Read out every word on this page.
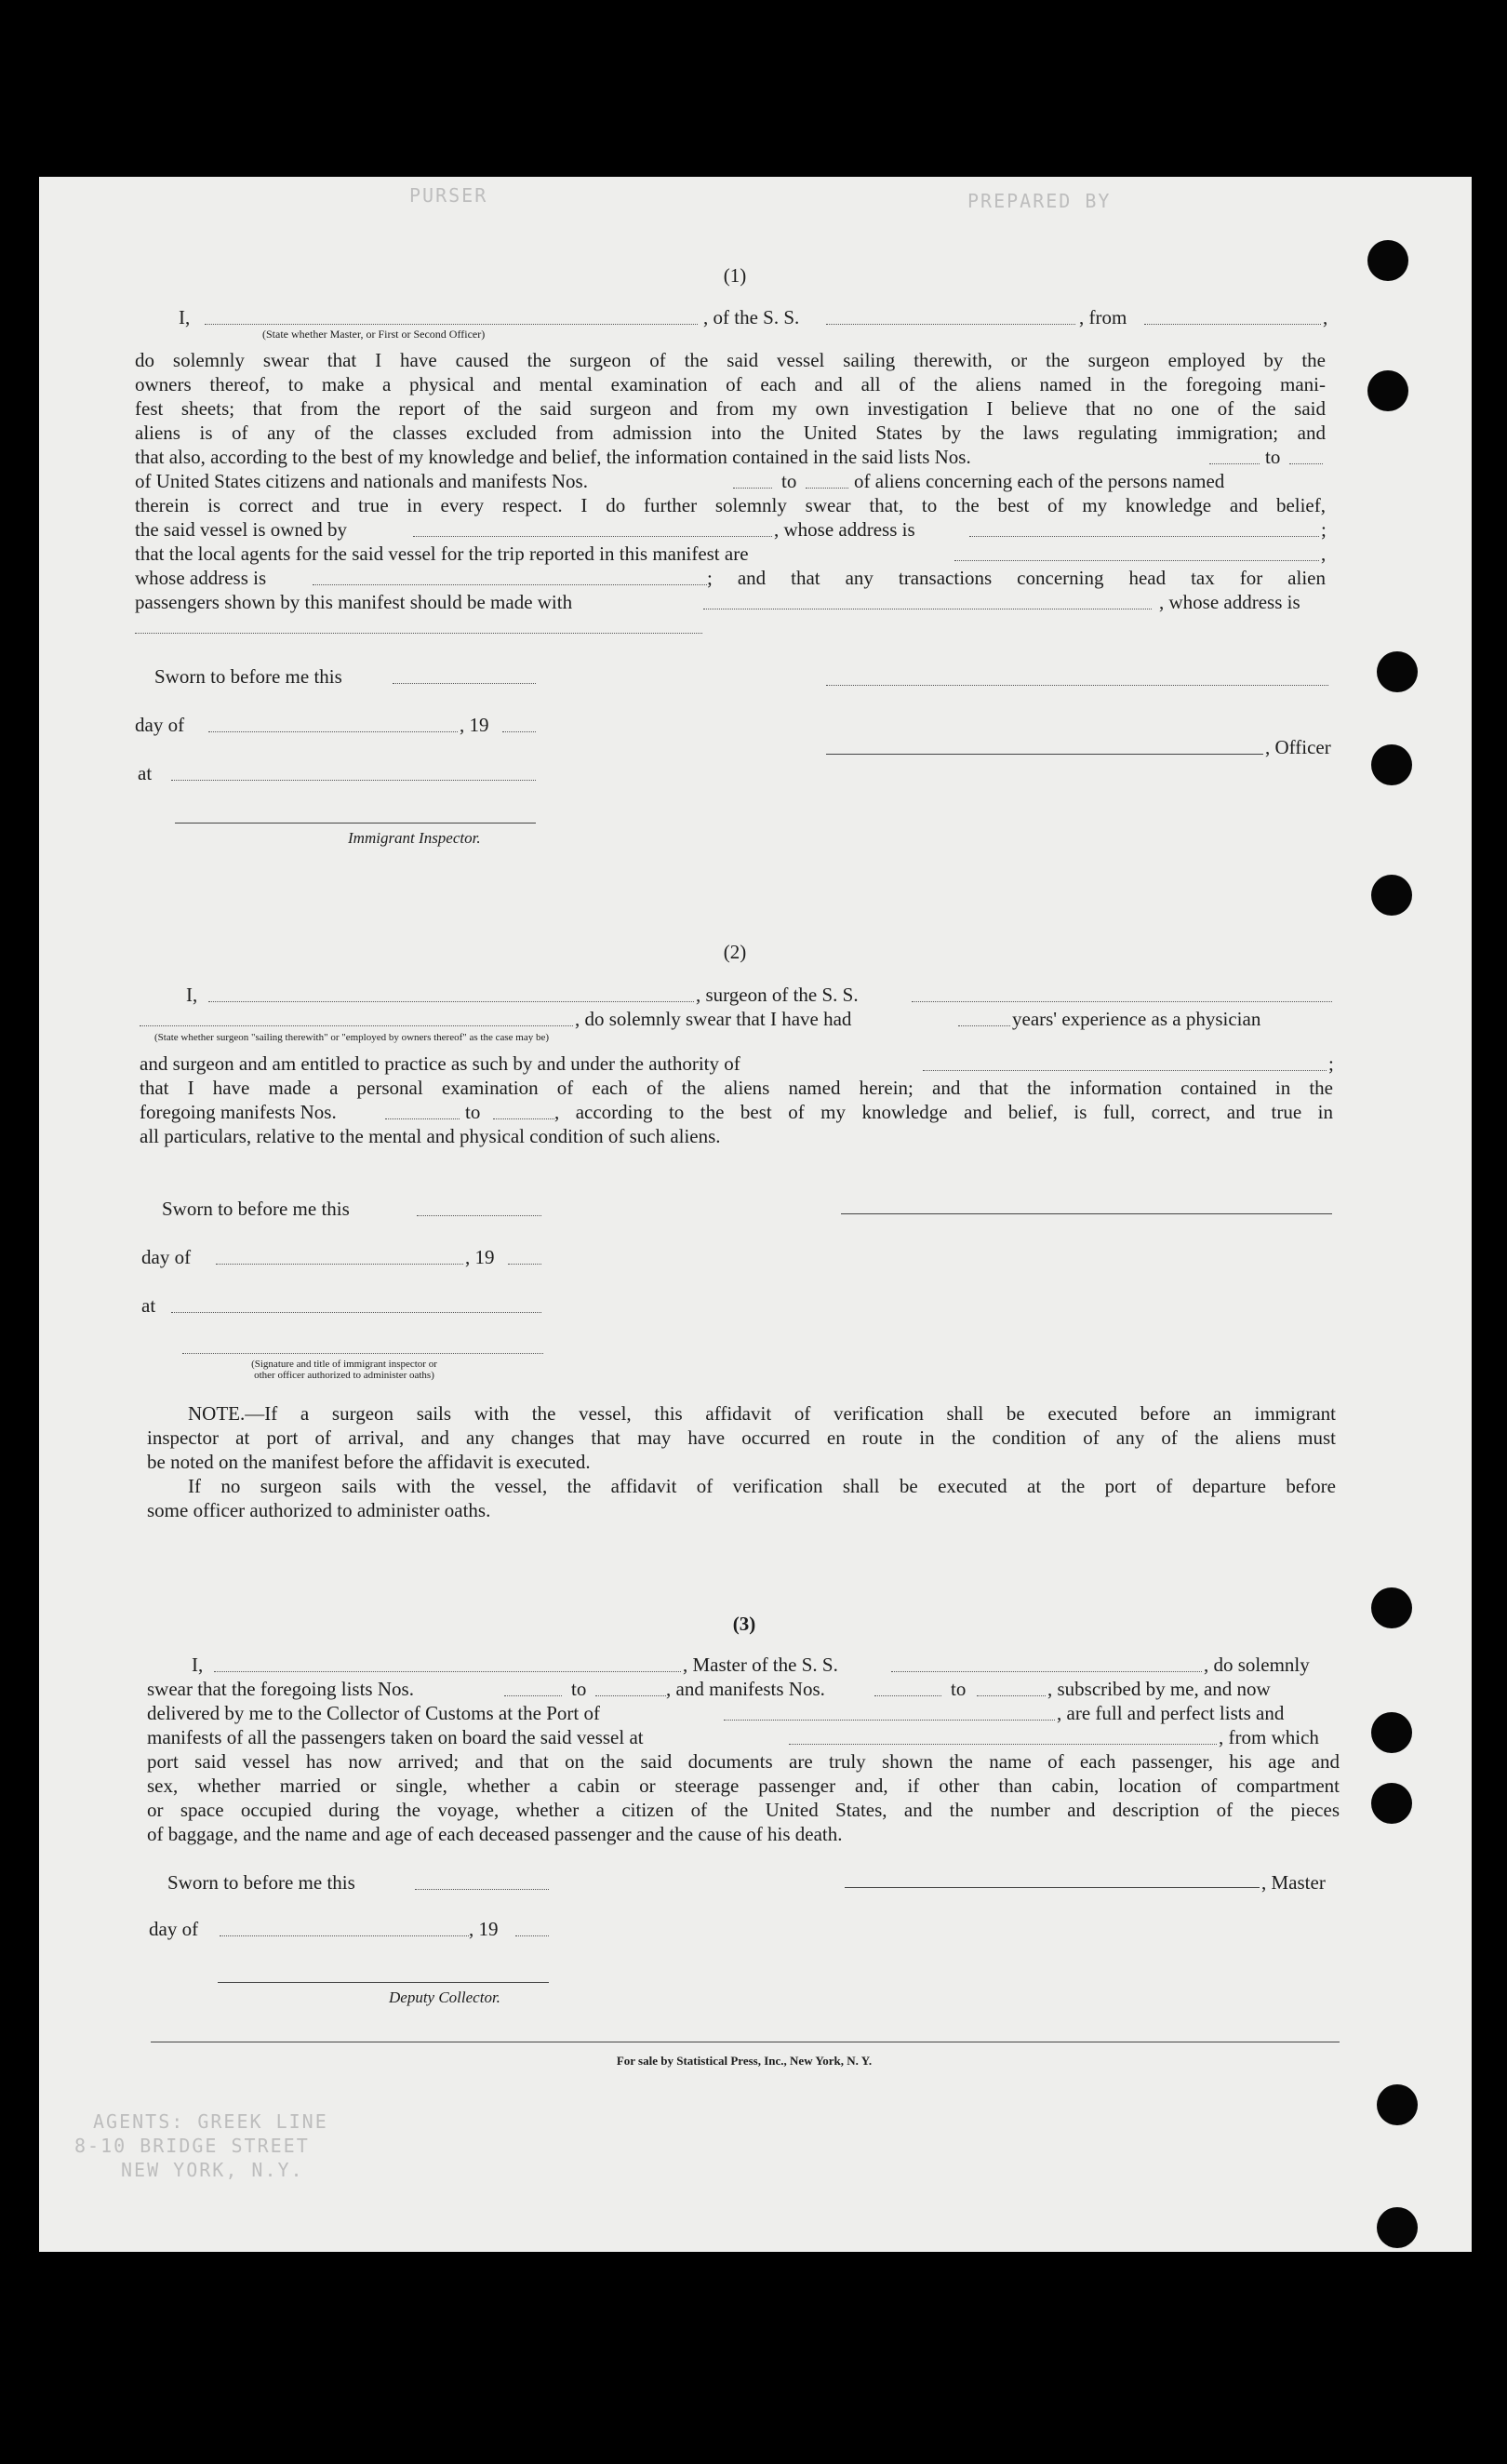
PURSER	PREPARED BY
AGENTS: GREEK LINE
8-10 BRIDGE STREET
NEW YORK, N.Y.
(1)
I,	, of the S. S.	, from	,
(State whether Master, or First or Second Officer)
do solemnly swear that I have caused the surgeon of the said vessel sailing therewith, or the surgeon employed by the
owners thereof, to make a physical and mental examination of each and all of the aliens named in the foregoing mani-
fest sheets; that from the report of the said surgeon and from my own investigation I believe that no one of the said
aliens is of any of the classes excluded from admission into the United States by the laws regulating immigration; and
that also, according to the best of my knowledge and belief, the information contained in the said lists Nos.	to
of United States citizens and nationals and manifests Nos.	to	of aliens concerning each of the persons named
therein is correct and true in every respect. I do further solemnly swear that, to the best of my knowledge and belief,
the said vessel is owned by	, whose address is	;
that the local agents for the said vessel for the trip reported in this manifest are	,
whose address is	; and that any transactions concerning head tax for alien
passengers shown by this manifest should be made with	, whose address is
Sworn to before me this
day of	, 19
, Officer
at
Immigrant Inspector.
(2)
I,	, surgeon of the S. S.
, do solemnly swear that I have had	years' experience as a physician
(State whether surgeon "sailing therewith" or "employed by owners thereof" as the case may be)
and surgeon and am entitled to practice as such by and under the authority of	;
that I have made a personal examination of each of the aliens named herein; and that the information contained in the
foregoing manifests Nos.	to	, according to the best of my knowledge and belief, is full, correct, and true in
all particulars, relative to the mental and physical condition of such aliens.
Sworn to before me this
day of	, 19
at
(Signature and title of immigrant inspector or
other officer authorized to administer oaths)
NOTE.—If a surgeon sails with the vessel, this affidavit of verification shall be executed before an immigrant
inspector at port of arrival, and any changes that may have occurred en route in the condition of any of the aliens must
be noted on the manifest before the affidavit is executed.
If no surgeon sails with the vessel, the affidavit of verification shall be executed at the port of departure before
some officer authorized to administer oaths.
(3)
I,	, Master of the S. S.	, do solemnly
swear that the foregoing lists Nos.	to	, and manifests Nos.	to	, subscribed by me, and now
delivered by me to the Collector of Customs at the Port of	, are full and perfect lists and
manifests of all the passengers taken on board the said vessel at	, from which
port said vessel has now arrived; and that on the said documents are truly shown the name of each passenger, his age and
sex, whether married or single, whether a cabin or steerage passenger and, if other than cabin, location of compartment
or space occupied during the voyage, whether a citizen of the United States, and the number and description of the pieces
of baggage, and the name and age of each deceased passenger and the cause of his death.
Sworn to before me this	, Master
day of	, 19
Deputy Collector.
For sale by Statistical Press, Inc., New York, N. Y.
